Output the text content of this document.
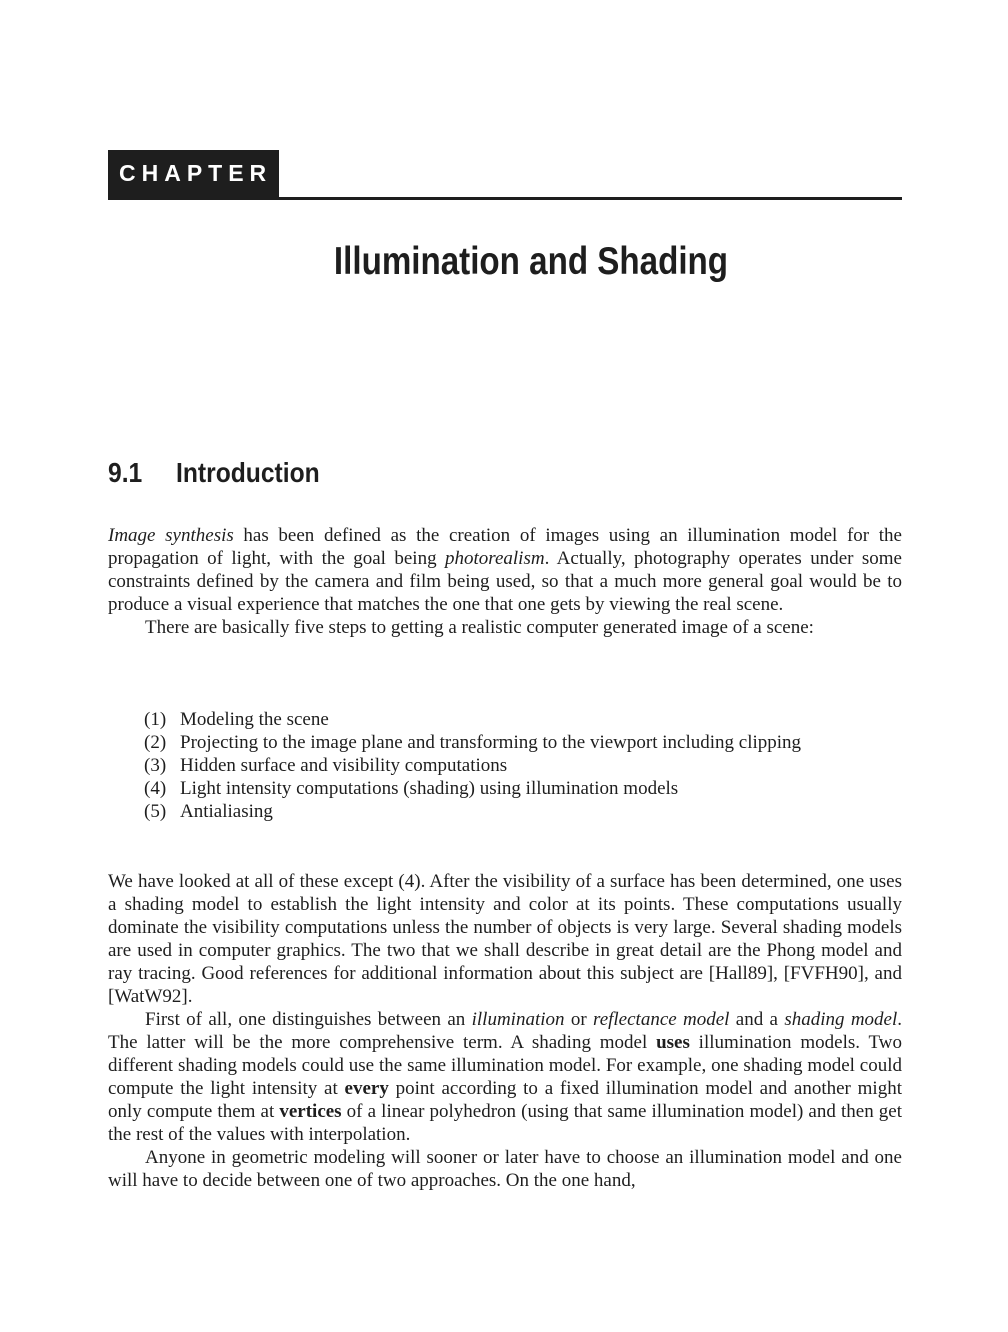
CHAPTER 9
Illumination and Shading
9.1 Introduction

Image synthesis has been defined as the creation of images using an illumination model for the propagation of light, with the goal being photorealism. Actually, photography operates under some constraints defined by the camera and film being used, so that a much more general goal would be to produce a visual experience that matches the one that one gets by viewing the real scene.

There are basically five steps to getting a realistic computer generated image of a scene:

(1) Modeling the scene
(2) Projecting to the image plane and transforming to the viewport including clipping
(3) Hidden surface and visibility computations
(4) Light intensity computations (shading) using illumination models
(5) Antialiasing

We have looked at all of these except (4). After the visibility of a surface has been determined, one uses a shading model to establish the light intensity and color at its points. These computations usually dominate the visibility computations unless the number of objects is very large. Several shading models are used in computer graphics. The two that we shall describe in great detail are the Phong model and ray tracing. Good references for additional information about this subject are [Hall89], [FVFH90], and [WatW92].

First of all, one distinguishes between an illumination or reflectance model and a shading model. The latter will be the more comprehensive term. A shading model uses illumination models. Two different shading models could use the same illumination model. For example, one shading model could compute the light intensity at every point according to a fixed illumination model and another might only compute them at vertices of a linear polyhedron (using that same illumination model) and then get the rest of the values with interpolation.

Anyone in geometric modeling will sooner or later have to choose an illumination model and one will have to decide between one of two approaches. On the one hand,
